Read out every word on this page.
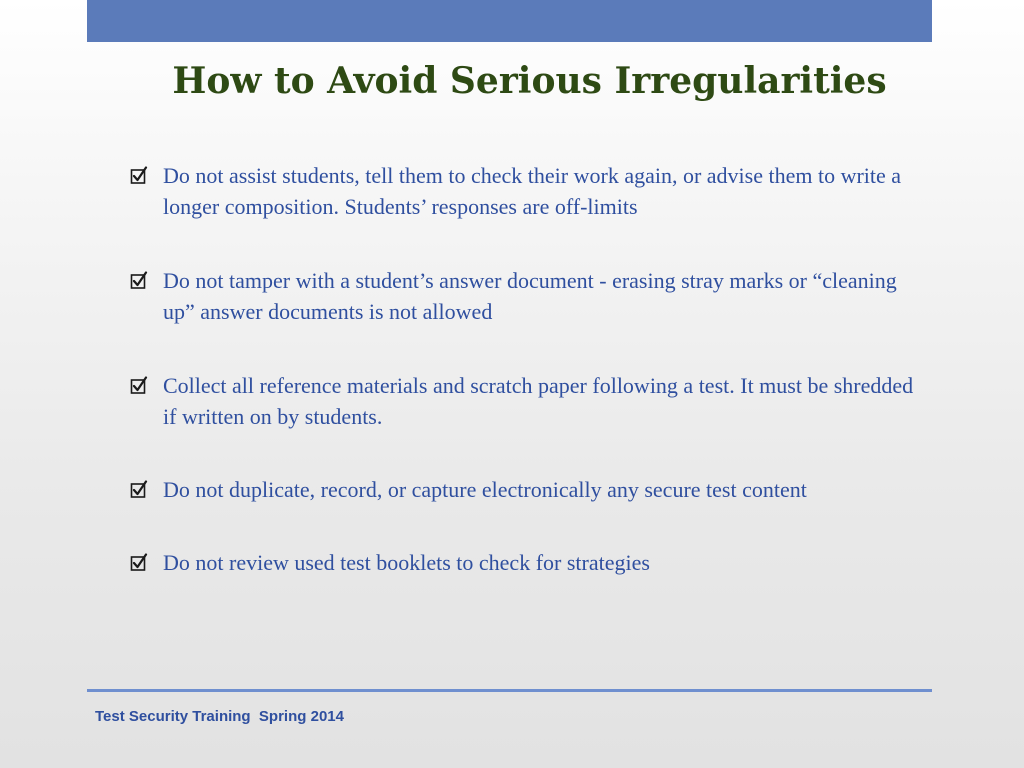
How to Avoid Serious Irregularities
Do not assist students, tell them to check their work again, or advise them to write a longer composition. Students’ responses are off-limits
Do not tamper with a student’s answer document - erasing stray marks or “cleaning up” answer documents is not allowed
Collect all reference materials and scratch paper following a test. It must be shredded if written on by students.
Do not duplicate, record, or capture electronically any secure test content
Do not review used test booklets to check for strategies
Test Security Training  Spring 2014
